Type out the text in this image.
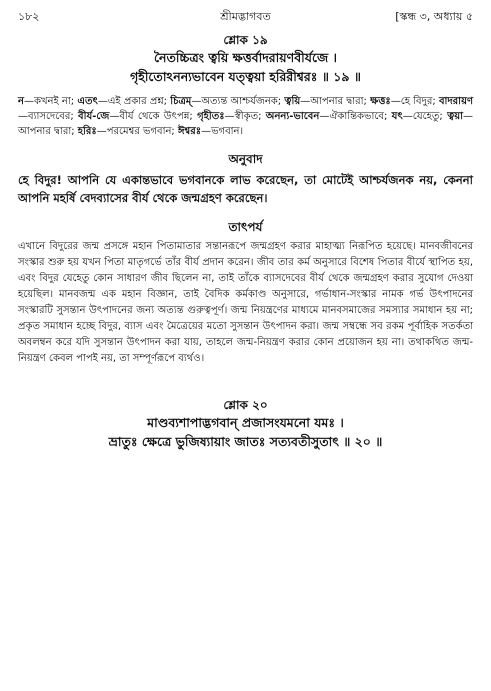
১৮২	শ্রীমদ্ভাগবত	[স্কন্ধ ৩, অধ্যায় ৫
শ্লোক ১৯
নৈতচ্চিত্রং ত্বয়ি ক্ষত্তর্বাদরায়ণবীর্যজে ।
গৃহীতোঽনন্যভাবেন যত্ত্বয়া হরিরীশ্বরঃ ॥ ১৯ ॥
ন—কখনই না; এতৎ—এই প্রকার প্রশ্ন; চিত্রম্—অত্যন্ত আশ্চর্যজনক; ত্বয়ি—আপনার দ্বারা; ক্ষত্তঃ—হে বিদুর; বাদরায়ণ—ব্যাসদেবের; বীর্য-জে—বীর্য থেকে উৎপন্ন; গৃহীতঃ—স্বীকৃত; অনন্য-ভাবেন—ঐকান্তিকভাবে; যৎ—যেহেতু; ত্বয়া—আপনার দ্বারা; হরিঃ—পরমেশ্বর ভগবান; ঈশ্বরঃ—ভগবান।
অনুবাদ
হে বিদুর! আপনি যে একান্তভাবে ভগবানকে লাভ করেছেন, তা মোটেই আশ্চর্যজনক নয়, কেননা আপনি মহর্ষি বেদব্যাসের বীর্য থেকে জন্মগ্রহণ করেছেন।
তাৎপর্য
এখানে বিদুরের জন্ম প্রসঙ্গে মহান পিতামাতার সন্তানরূপে জন্মগ্রহণ করার মাহাত্ম্য নিরূপিত হয়েছে। মানবজীবনের সংস্কার শুরু হয় যখন পিতা মাতৃগর্ভে তাঁর বীর্য প্রদান করেন। জীব তার কর্ম অনুসারে বিশেষ পিতার বীর্যে স্থাপিত হয়, এবং বিদুর যেহেতু কোন সাধারণ জীব ছিলেন না, তাই তাঁকে ব্যাসদেবের বীর্য থেকে জন্মগ্রহণ করার সুযোগ দেওয়া হয়েছিল। মানবজন্ম এক মহান বিজ্ঞান, তাই বৈদিক কর্মকাণ্ড অনুসারে, গর্ভাধান-সংস্কার নামক গর্ভ উৎপাদনের সংস্কারটি সুসন্তান উৎপাদনের জন্য অত্যন্ত গুরুত্বপূর্ণ। জন্ম নিয়ন্ত্রণের মাধ্যমে মানবসমাজের সমস্যার সমাধান হয় না; প্রকৃত সমাধান হচ্ছে বিদুর, ব্যাস এবং মৈত্রেয়ের মতো সুসন্তান উৎপাদন করা। জন্ম সম্বন্ধে সব রকম পূর্বাহিক সতর্কতা অবলম্বন করে যদি সুসন্তান উৎপাদন করা যায়, তাহলে জন্ম-নিয়ন্ত্রণ করার কোন প্রয়োজন হয় না। তথাকথিত জন্ম-নিয়ন্ত্রণ কেবল পাপই নয়, তা সম্পূর্ণরূপে ব্যর্থও।
শ্লোক ২০
মাণ্ডব্যশাপাদ্ভগবান্ প্রজাসংযমনো যমঃ ।
ভ্রাতুঃ ক্ষেত্রে ভুজিষ্যায়াং জাতঃ সত্যবতীসুতাৎ ॥ ২০ ॥
